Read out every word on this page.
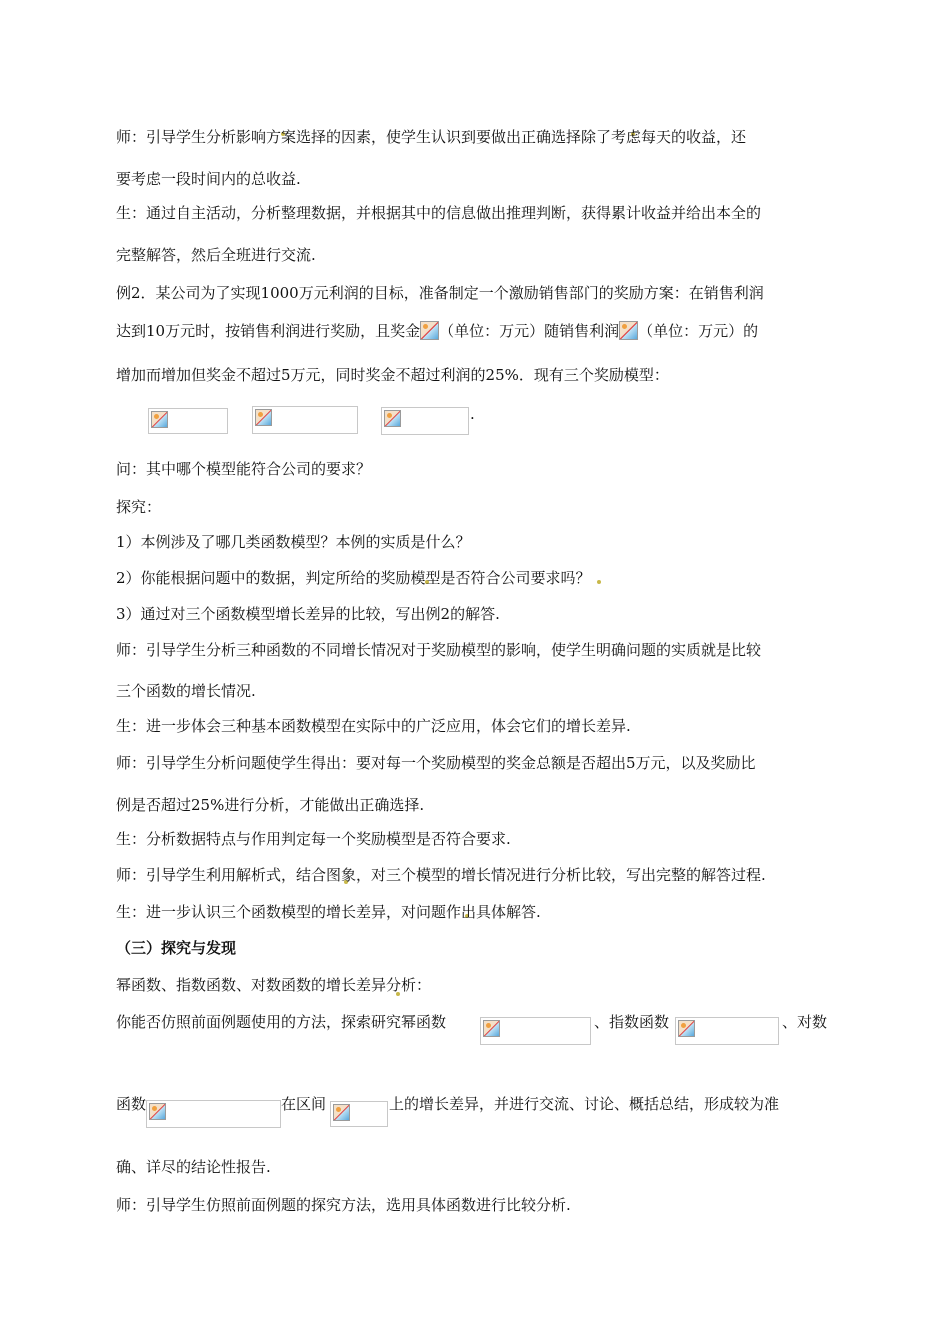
师：引导学生分析影响方案选择的因素，使学生认识到要做出正确选择除了考虑每天的收益，还
要考虑一段时间内的总收益.
生：通过自主活动，分析整理数据，并根据其中的信息做出推理判断，获得累计收益并给出本全的
完整解答，然后全班进行交流.
例2．某公司为了实现1000万元利润的目标，准备制定一个激励销售部门的奖励方案：在销售利润
达到10万元时，按销售利润进行奖励，且奖金 （单位：万元）随销售利润 （单位：万元）的
增加而增加但奖金不超过5万元，同时奖金不超过利润的25%．现有三个奖励模型：
.
问：其中哪个模型能符合公司的要求？
探究：
1）本例涉及了哪几类函数模型？本例的实质是什么？
2）你能根据问题中的数据，判定所给的奖励模型是否符合公司要求吗？
3）通过对三个函数模型增长差异的比较，写出例2的解答.
师：引导学生分析三种函数的不同增长情况对于奖励模型的影响，使学生明确问题的实质就是比较
三个函数的增长情况.
生：进一步体会三种基本函数模型在实际中的广泛应用，体会它们的增长差异.
师：引导学生分析问题使学生得出：要对每一个奖励模型的奖金总额是否超出5万元，以及奖励比
例是否超过25%进行分析，才能做出正确选择.
生：分析数据特点与作用判定每一个奖励模型是否符合要求.
师：引导学生利用解析式，结合图象，对三个模型的增长情况进行分析比较，写出完整的解答过程.
生：进一步认识三个函数模型的增长差异，对问题作出具体解答.
（三）探究与发现
幂函数、指数函数、对数函数的增长差异分析：
你能否仿照前面例题使用的方法，探索研究幂函数	、指数函数	、对数
函数	在区间	上的增长差异，并进行交流、讨论、概括总结，形成较为准
确、详尽的结论性报告.
师：引导学生仿照前面例题的探究方法，选用具体函数进行比较分析.
